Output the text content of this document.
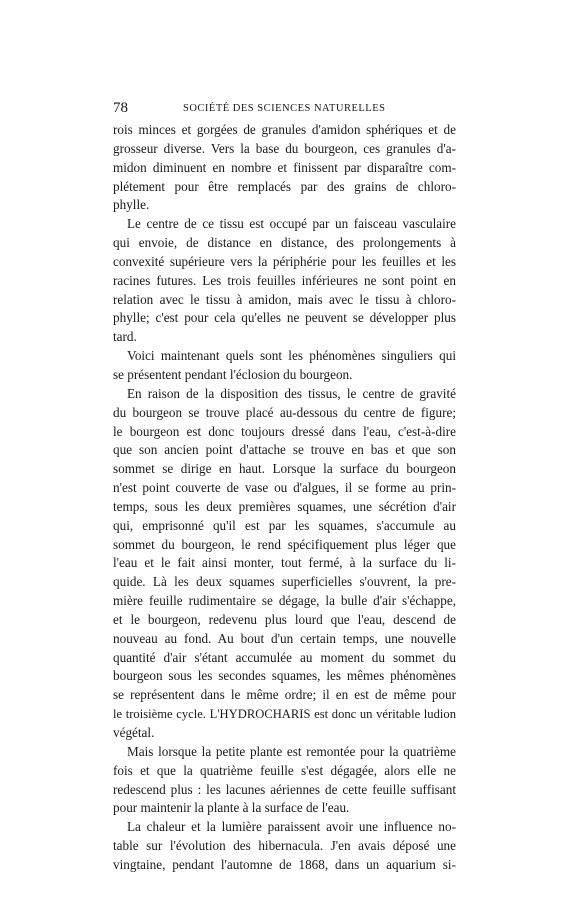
78	SOCIÉTÉ DES SCIENCES NATURELLES
rois minces et gorgées de granules d'amidon sphériques et de
grosseur diverse. Vers la base du bourgeon, ces granules d'a-
midon diminuent en nombre et finissent par disparaître com-
plétement pour être remplacés par des grains de chloro-
phylle.
Le centre de ce tissu est occupé par un faisceau vasculaire
qui envoie, de distance en distance, des prolongements à
convexité supérieure vers la périphérie pour les feuilles et les
racines futures. Les trois feuilles inférieures ne sont point en
relation avec le tissu à amidon, mais avec le tissu à chloro-
phylle; c'est pour cela qu'elles ne peuvent se développer plus
tard.
Voici maintenant quels sont les phénomènes singuliers qui
se présentent pendant l'éclosion du bourgeon.
En raison de la disposition des tissus, le centre de gravité
du bourgeon se trouve placé au-dessous du centre de figure;
le bourgeon est donc toujours dressé dans l'eau, c'est-à-dire
que son ancien point d'attache se trouve en bas et que son
sommet se dirige en haut. Lorsque la surface du bourgeon
n'est point couverte de vase ou d'algues, il se forme au prin-
temps, sous les deux premières squames, une sécrétion d'air
qui, emprisonné qu'il est par les squames, s'accumule au
sommet du bourgeon, le rend spécifiquement plus léger que
l'eau et le fait ainsi monter, tout fermé, à la surface du li-
quide. Là les deux squames superficielles s'ouvrent, la pre-
mière feuille rudimentaire se dégage, la bulle d'air s'échappe,
et le bourgeon, redevenu plus lourd que l'eau, descend de
nouveau au fond. Au bout d'un certain temps, une nouvelle
quantité d'air s'étant accumulée au moment du sommet du
bourgeon sous les secondes squames, les mêmes phénomènes
se représentent dans le même ordre; il en est de même pour
le troisième cycle. L'HYDROCHARIS est donc un véritable ludion
végétal.
Mais lorsque la petite plante est remontée pour la quatrième
fois et que la quatrième feuille s'est dégagée, alors elle ne
redescend plus : les lacunes aériennes de cette feuille suffisant
pour maintenir la plante à la surface de l'eau.
La chaleur et la lumière paraissent avoir une influence no-
table sur l'évolution des hibernacula. J'en avais déposé une
vingtaine, pendant l'automne de 1868, dans un aquarium si-
